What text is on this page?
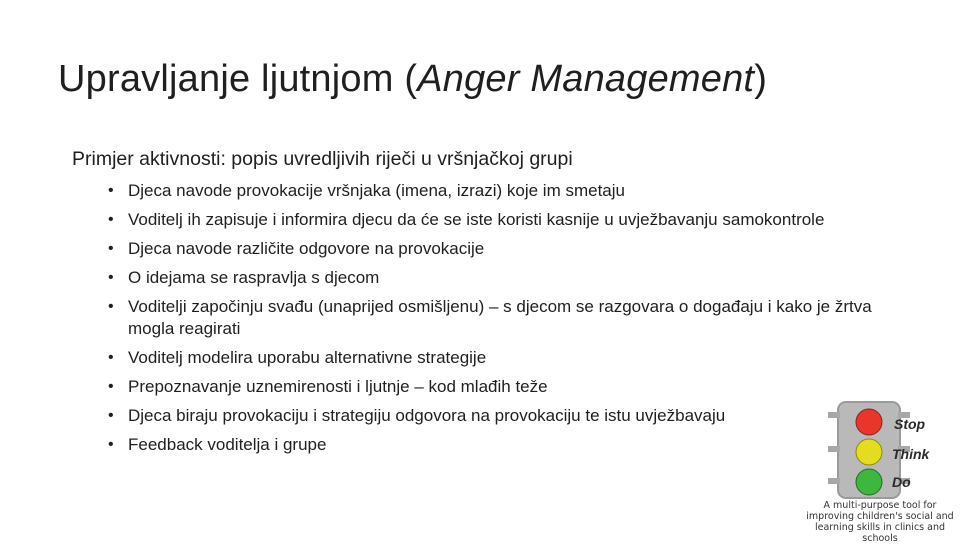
Upravljanje ljutnjom (Anger Management)
Primjer aktivnosti: popis uvredljivih riječi u vršnjačkoj grupi
• Djeca navode provokacije vršnjaka (imena, izrazi) koje im smetaju
• Voditelj ih zapisuje i informira djecu da će se iste koristi kasnije u uvježbavanju samokontrole
• Djeca navode različite odgovore na provokacije
• O idejama se raspravlja s djecom
• Voditelji započinju svađu (unaprijed osmišljenu) – s djecom se razgovara o događaju i kako je žrtva mogla reagirati
• Voditelj modelira uporabu alternativne strategije
• Prepoznavanje uznemirenosti i ljutnje – kod mlađih teže
• Djeca biraju provokaciju i strategiju odgovora na provokaciju te istu uvježbavaju
• Feedback voditelja i grupe
Stop
Think
Do
A multi-purpose tool for improving children's social and learning skills in clinics and schools
